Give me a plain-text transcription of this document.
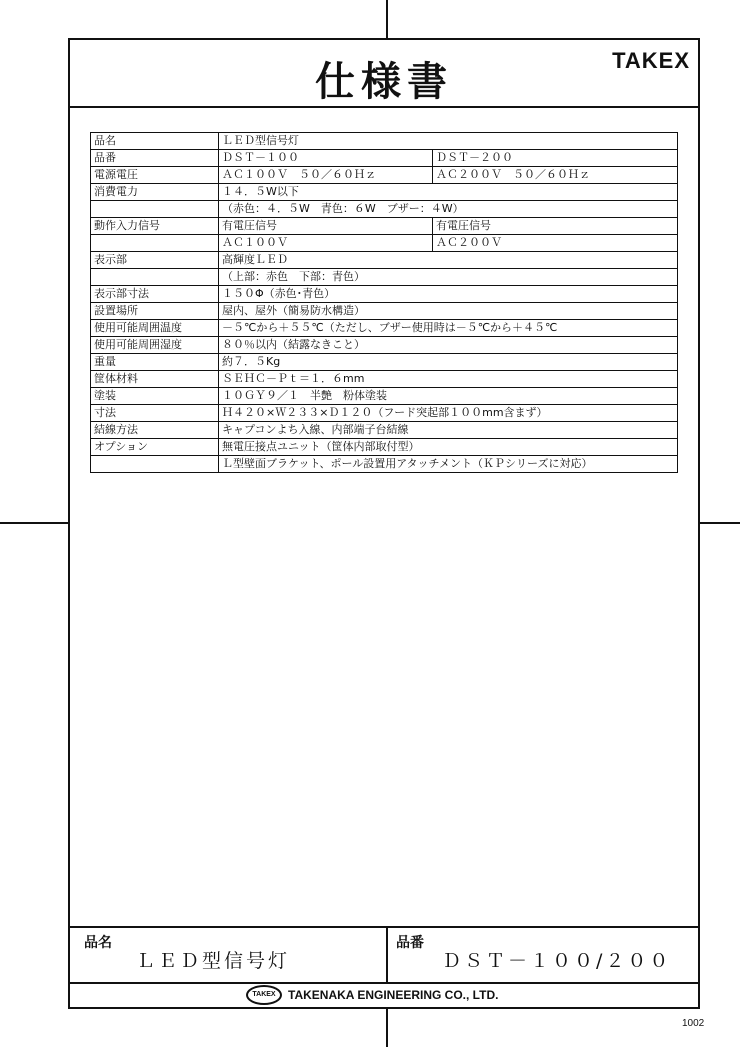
仕様書	TAKEX
品名	ＬＥＤ型信号灯	
品番	ＤＳＴ－１００	ＤＳＴ－２００
電源電圧	ＡＣ１００Ｖ　５０／６０Ｈｚ	ＡＣ２００Ｖ　５０／６０Ｈｚ
消費電力	１４．５W以下	
	（赤色：４．５W　青色：６W　ブザー：４W）	
動作入力信号	有電圧信号	有電圧信号
	ＡＣ１００Ｖ	ＡＣ２００Ｖ
表示部	高輝度ＬＥＤ	
	（上部：赤色　下部：青色）	
表示部寸法	１５０Φ（赤色･青色）	
設置場所	屋内、屋外（簡易防水構造）	
使用可能周囲温度	－５℃から＋５５℃（ただし、ブザー使用時は－５℃から＋４５℃	
使用可能周囲湿度	８０％以内（結露なきこと）	
重量	約７．５Kg	
筐体材料	ＳＥＨＣ－Ｐｔ＝１．６mm	
塗装	１０ＧＹ９／１　半艶　粉体塗装	
寸法	Ｈ４２０×Ｗ２３３×Ｄ１２０（フード突起部１００mm含まず）	
結線方法	キャプコンよち入線、内部端子台結線	
オプション	無電圧接点ユニット（筐体内部取付型）	
	Ｌ型壁面ブラケット、ポール設置用アタッチメント（ＫＰシリーズに対応）	
品名
ＬＥＤ型信号灯
品番
ＤＳＴ－１００/２００
TAKEX	TAKENAKA ENGINEERING CO., LTD.
1002
